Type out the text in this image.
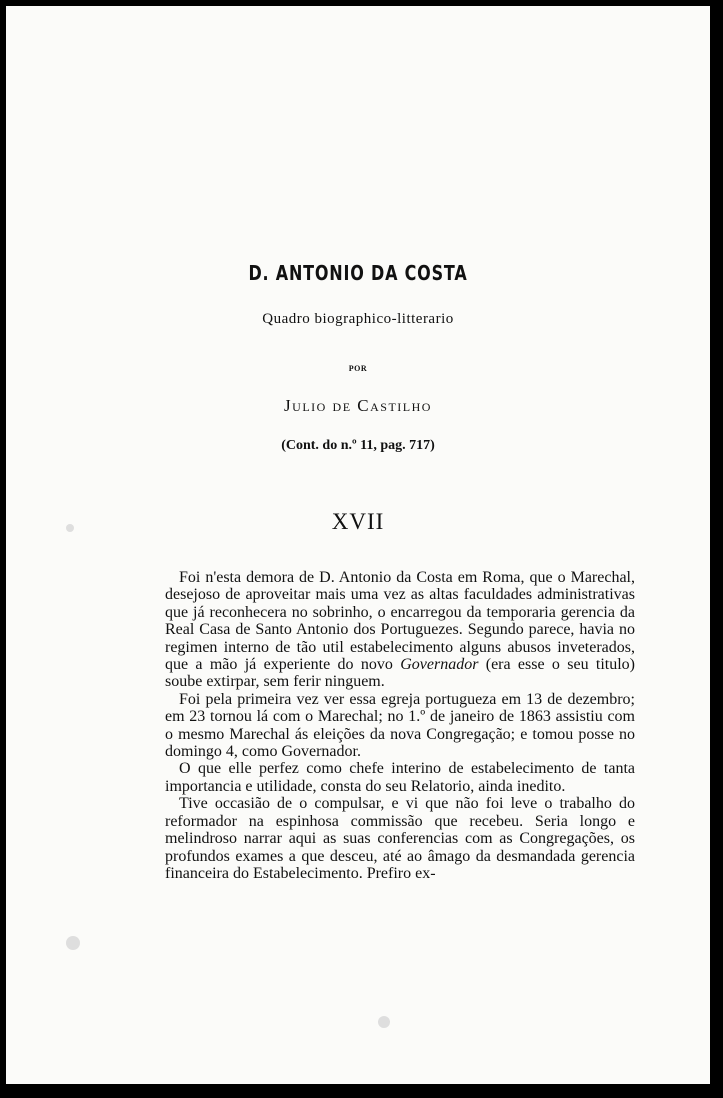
D. ANTONIO DA COSTA
Quadro biographico-litterario
POR
Julio de Castilho
(Cont. do n.º 11, pag. 717)
XVII

Foi n'esta demora de D. Antonio da Costa em Roma, que o Marechal, desejoso de aproveitar mais uma vez as altas faculdades administrativas que já reconhecera no sobrinho, o encarregou da temporaria gerencia da Real Casa de Santo Antonio dos Portuguezes. Segundo parece, havia no regimen interno de tão util estabelecimento alguns abusos inveterados, que a mão já experiente do novo Governador (era esse o seu titulo) soube extirpar, sem ferir ninguem.

Foi pela primeira vez ver essa egreja portugueza em 13 de dezembro; em 23 tornou lá com o Marechal; no 1.º de janeiro de 1863 assistiu com o mesmo Marechal ás eleições da nova Congregação; e tomou posse no domingo 4, como Governador.

O que elle perfez como chefe interino de estabelecimento de tanta importancia e utilidade, consta do seu Relatorio, ainda inedito.

Tive occasião de o compulsar, e vi que não foi leve o trabalho do reformador na espinhosa commissão que recebeu. Seria longo e melindroso narrar aqui as suas conferencias com as Congregações, os profundos exames a que desceu, até ao âmago da desmandada gerencia financeira do Estabelecimento. Prefiro ex-
